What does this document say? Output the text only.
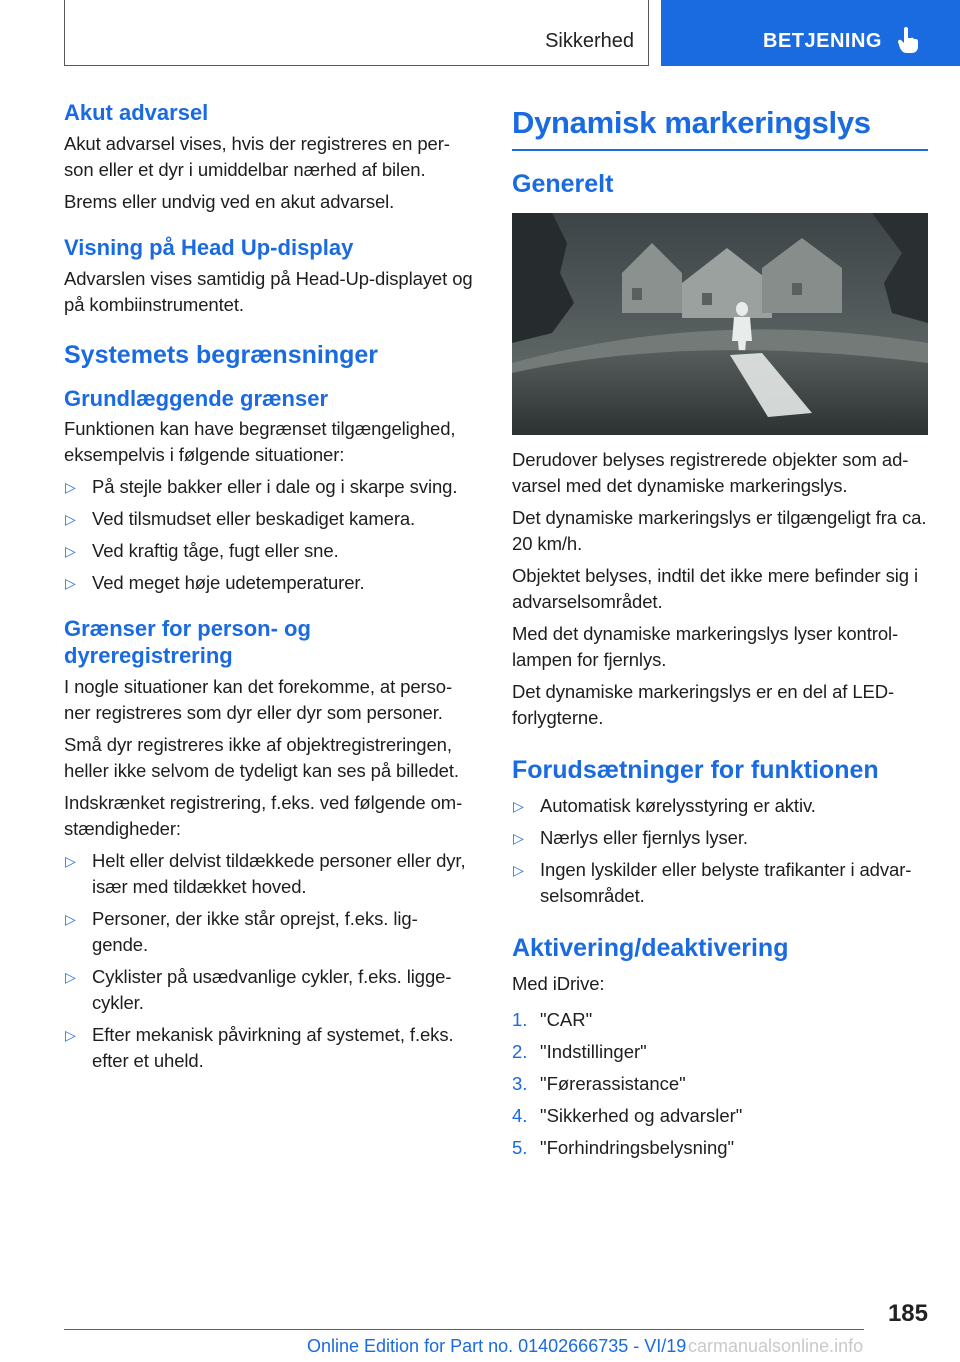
Sikkerhed	BETJENING
Akut advarsel

Akut advarsel vises, hvis der registreres en per- son eller et dyr i umiddelbar nærhed af bilen.

Brems eller undvig ved en akut advarsel.

Visning på Head Up-display

Advarslen vises samtidig på Head-Up-displayet og på kombiinstrumentet.

Systemets begrænsninger
Grundlæggende grænser

Funktionen kan have begrænset tilgængelighed, eksempelvis i følgende situationer:

▷ På stejle bakker eller i dale og i skarpe sving.
▷ Ved tilsmudset eller beskadiget kamera.
▷ Ved kraftig tåge, fugt eller sne.
▷ Ved meget høje udetemperaturer.
Grænser for person- og dyreregistrering

I nogle situationer kan det forekomme, at perso- ner registreres som dyr eller dyr som personer.

Små dyr registreres ikke af objektregistreringen, heller ikke selvom de tydeligt kan ses på billedet.

Indskrænket registrering, f.eks. ved følgende om- stændigheder:

▷ Helt eller delvist tildækkede personer eller dyr, især med tildækket hoved.
▷ Personer, der ikke står oprejst, f.eks. lig- gende.
▷ Cyklister på usædvanlige cykler, f.eks. ligge- cykler.
▷ Efter mekanisk påvirkning af systemet, f.eks. efter et uheld.
Dynamisk markeringslys
Generelt

Derudover belyses registrerede objekter som ad- varsel med det dynamiske markeringslys.

Det dynamiske markeringslys er tilgængeligt fra ca. 20 km/h.

Objektet belyses, indtil det ikke mere befinder sig i advarselsområdet.

Med det dynamiske markeringslys lyser kontrol- lampen for fjernlys.

Det dynamiske markeringslys er en del af LED- forlygterne.

Forudsætninger for funktionen
▷ Automatisk kørelysstyring er aktiv.
▷ Nærlys eller fjernlys lyser.
▷ Ingen lyskilder eller belyste trafikanter i advar- selsområdet.
Aktivering/deaktivering

Med iDrive:

1. "CAR"
2. "Indstillinger"
3. "Førerassistance"
4. "Sikkerhed og advarsler"
5. "Forhindringsbelysning"
185
Online Edition for Part no. 01402666735 - VI/19 carmanualsonline.info
